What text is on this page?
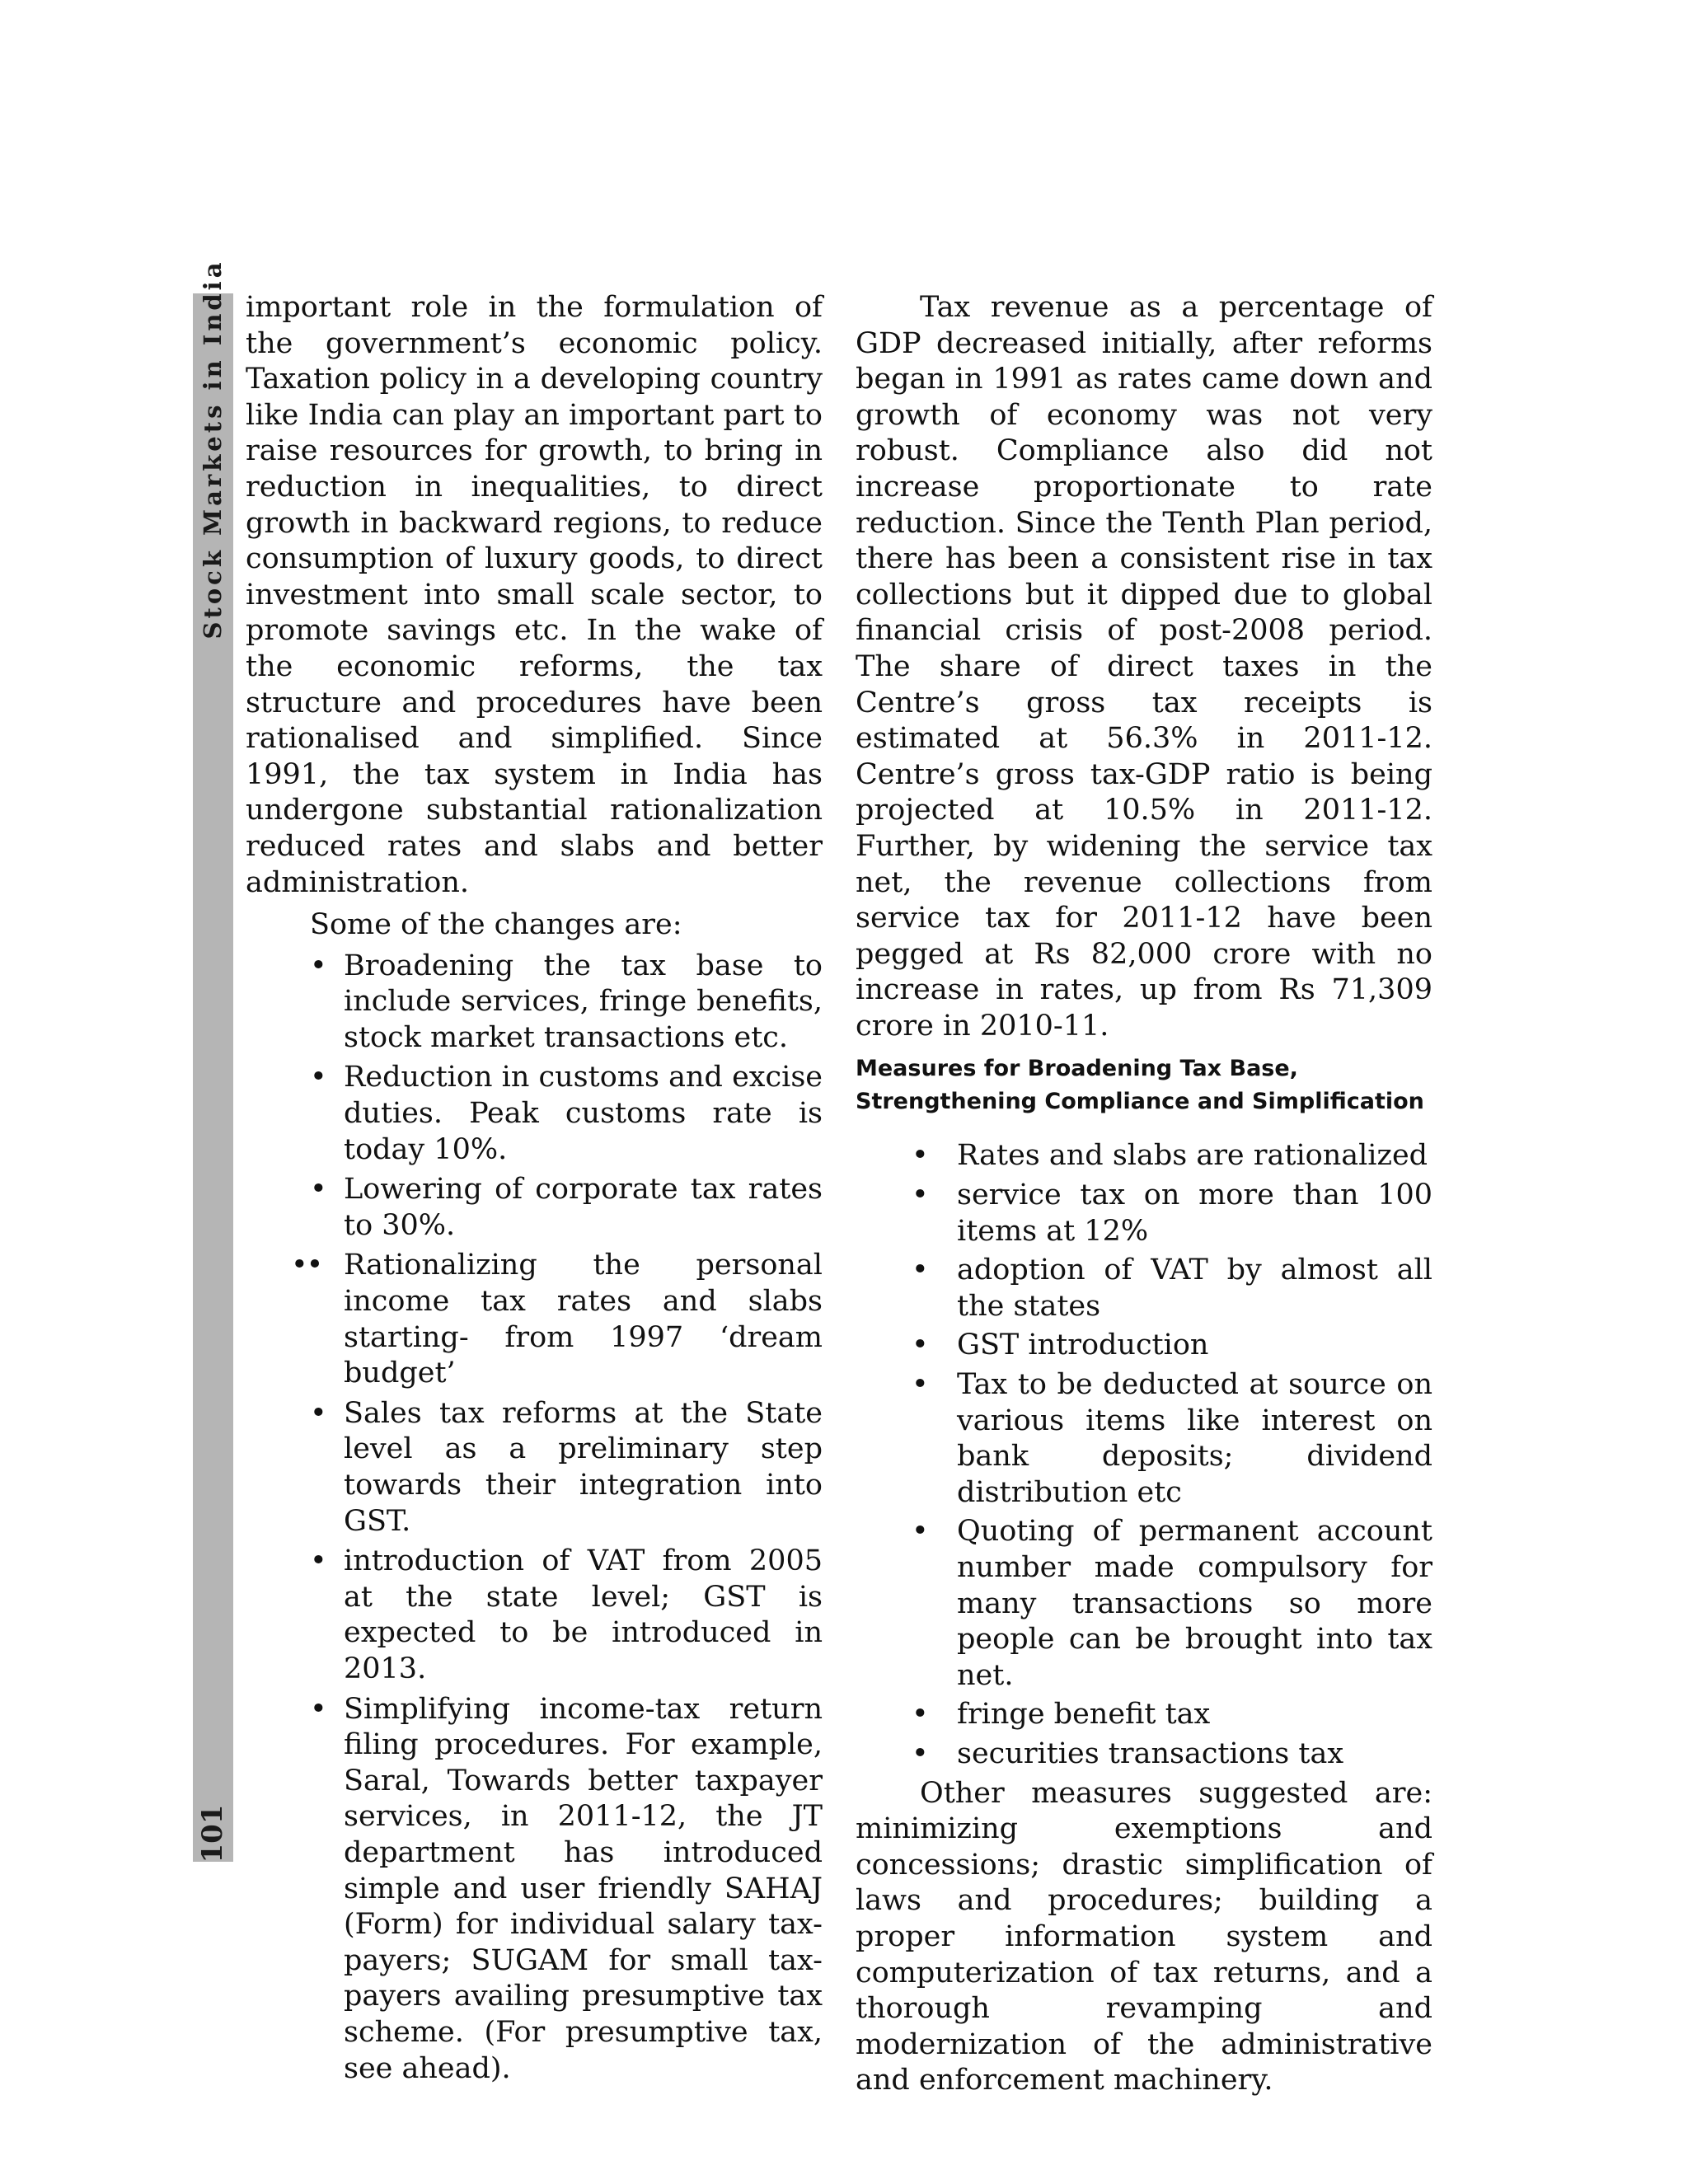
Stock Markets in India
101

important role in the formulation of the government’s economic policy. Taxation policy in a developing country like India can play an important part to raise resources for growth, to bring in reduction in inequalities, to direct growth in backward regions, to reduce consumption of luxury goods, to direct investment into small scale sector, to promote savings etc. In the wake of the economic reforms, the tax structure and procedures have been rationalised and simplified. Since 1991, the tax system in India has undergone substantial rationalization reduced rates and slabs and better administration.

Some of the changes are:

• Broadening the tax base to include services, fringe benefits, stock market transactions etc.
• Reduction in customs and excise duties. Peak customs rate is today 10%.
• Lowering of corporate tax rates to 30%.
•• Rationalizing the personal income tax rates and slabs starting- from 1997 ‘dream budget’
• Sales tax reforms at the State level as a preliminary step towards their integration into GST.
• introduction of VAT from 2005 at the state level; GST is expected to be introduced in 2013.
• Simplifying income-tax return filing procedures. For example, Saral, Towards better taxpayer services, in 2011-12, the JT department has introduced simple and user friendly SAHAJ (Form) for individual salary tax-payers; SUGAM for small tax-payers availing presumptive tax scheme. (For presumptive tax, see ahead).

Tax revenue as a percentage of GDP decreased initially, after reforms began in 1991 as rates came down and growth of economy was not very robust. Compliance also did not increase proportionate to rate reduction. Since the Tenth Plan period, there has been a consistent rise in tax collections but it dipped due to global financial crisis of post-2008 period. The share of direct taxes in the Centre’s gross tax receipts is estimated at 56.3% in 2011-12. Centre’s gross tax-GDP ratio is being projected at 10.5% in 2011-12. Further, by widening the service tax net, the revenue collections from service tax for 2011-12 have been pegged at Rs 82,000 crore with no increase in rates, up from Rs 71,309 crore in 2010-11.

Measures for Broadening Tax Base,
Strengthening Compliance and Simplification
• Rates and slabs are rationalized
• service tax on more than 100 items at 12%
• adoption of VAT by almost all the states
• GST introduction
• Tax to be deducted at source on various items like interest on bank deposits; dividend distribution etc
• Quoting of permanent account number made compulsory for many transactions so more people can be brought into tax net.
• fringe benefit tax
• securities transactions tax

Other measures suggested are: minimizing exemptions and concessions; drastic simplification of laws and procedures; building a proper information system and computerization of tax returns, and a thorough revamping and modernization of the administrative and enforcement machinery.
